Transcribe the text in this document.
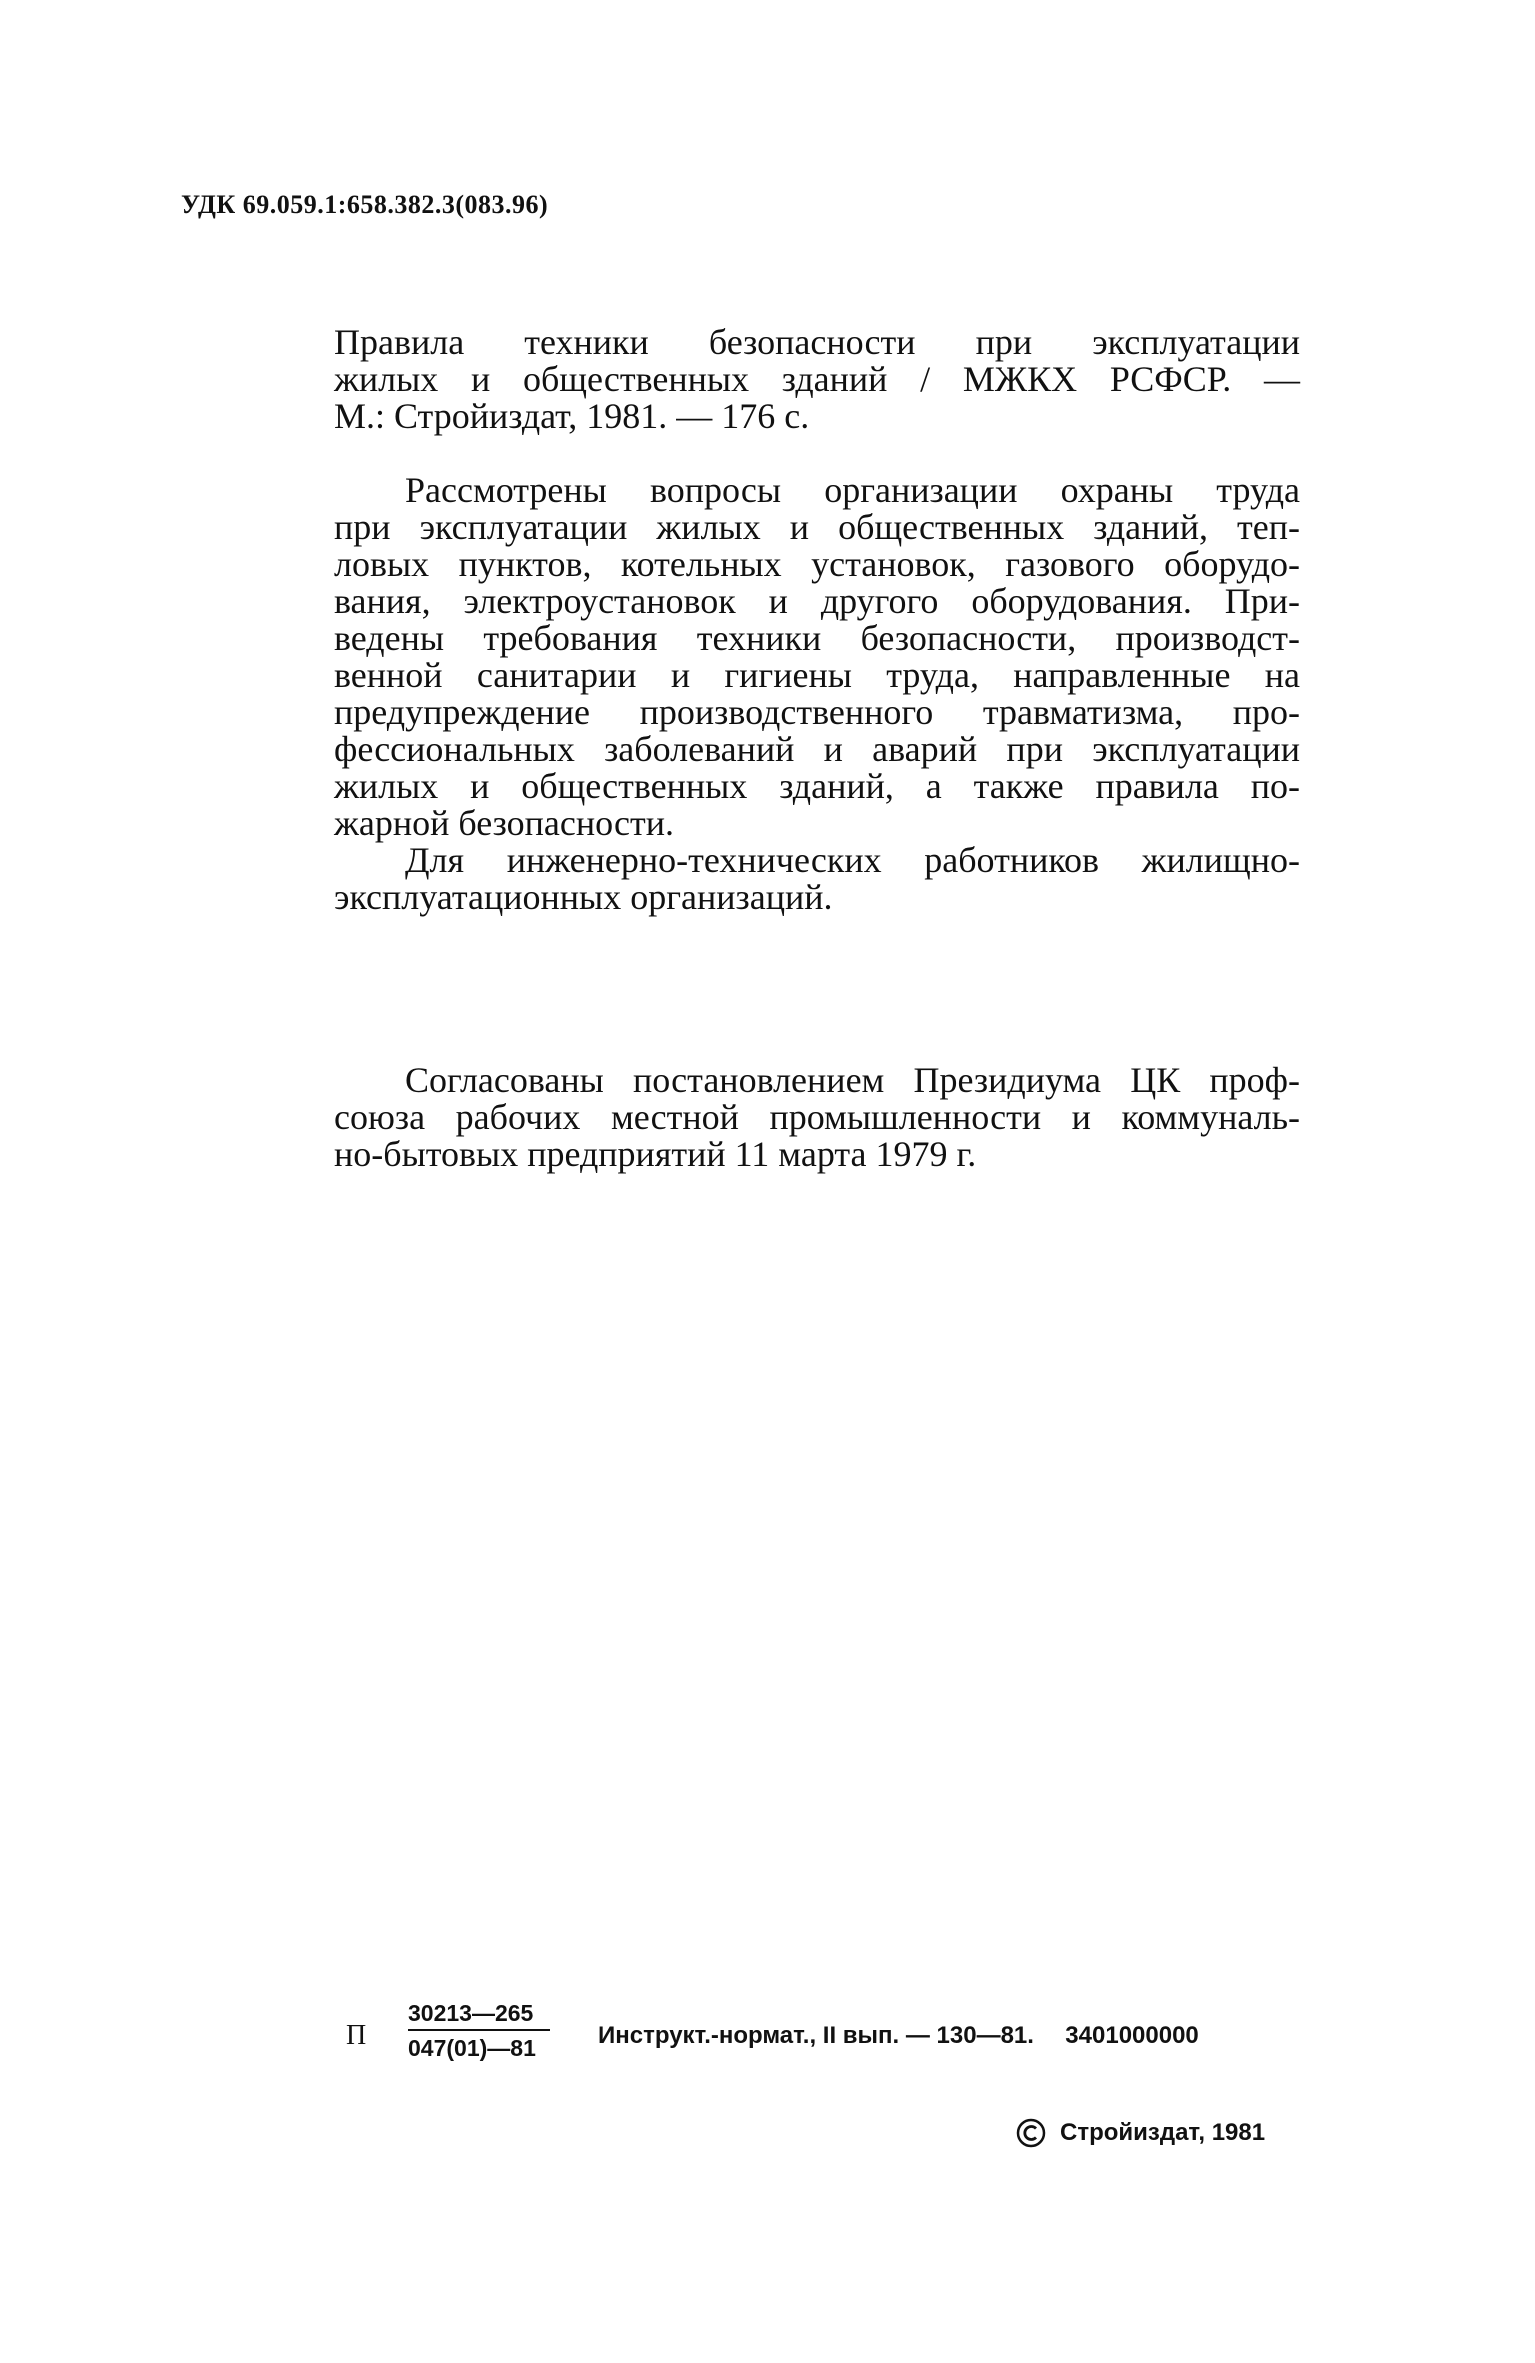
УДК 69.059.1:658.382.3(083.96)
Правила техники безопасности при эксплуатации
жилых и общественных зданий / МЖКХ РСФСР. —
М.: Стройиздат, 1981. — 176 с.
Рассмотрены вопросы организации охраны труда
при эксплуатации жилых и общественных зданий, теп-
ловых пунктов, котельных установок, газового оборудо-
вания, электроустановок и другого оборудования. При-
ведены требования техники безопасности, производст-
венной санитарии и гигиены труда, направленные на
предупреждение производственного травматизма, про-
фессиональных заболеваний и аварий при эксплуатации
жилых и общественных зданий, а также правила по-
жарной безопасности.
Для инженерно-технических работников жилищно-
эксплуатационных организаций.
Согласованы постановлением Президиума ЦК проф-
союза рабочих местной промышленности и коммуналь-
но-бытовых предприятий 11 марта 1979 г.
П $\frac{30213—265}{047(01)—81}$ Инструкт.-нормат., II вып. — 130—81. 3401000000
Стройиздат, 1981
